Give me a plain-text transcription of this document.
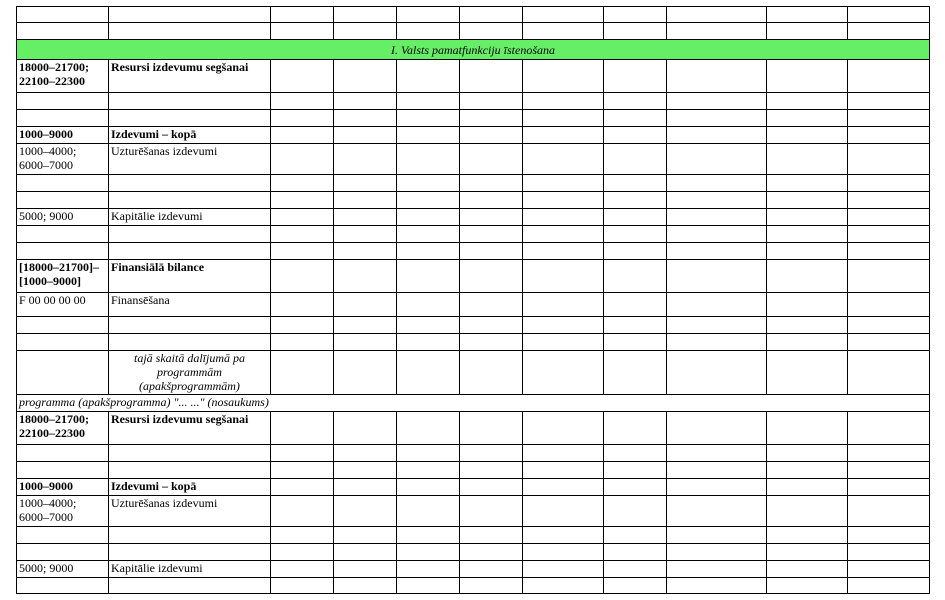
I. Valsts pamatfunkciju īstenošana										
18000–21700; 22100–22300	Resursi izdevumu segšanai									

1000–9000	Izdevumi – kopā									
1000–4000; 6000–7000	Uzturēšanas izdevumi									

5000; 9000	Kapitālie izdevumi									

[18000–21700]–[1000–9000]	Finansiālā bilance									
F 00 00 00 00	Finansēšana									

	tajā skaitā dalījumā pa programmām (apakšprogrammām)									
programma (apakšprogramma) "... ..." (nosaukums)										
18000–21700; 22100–22300	Resursi izdevumu segšanai									

1000–9000	Izdevumi – kopā									
1000–4000; 6000–7000	Uzturēšanas izdevumi									

5000; 9000	Kapitālie izdevumi									
